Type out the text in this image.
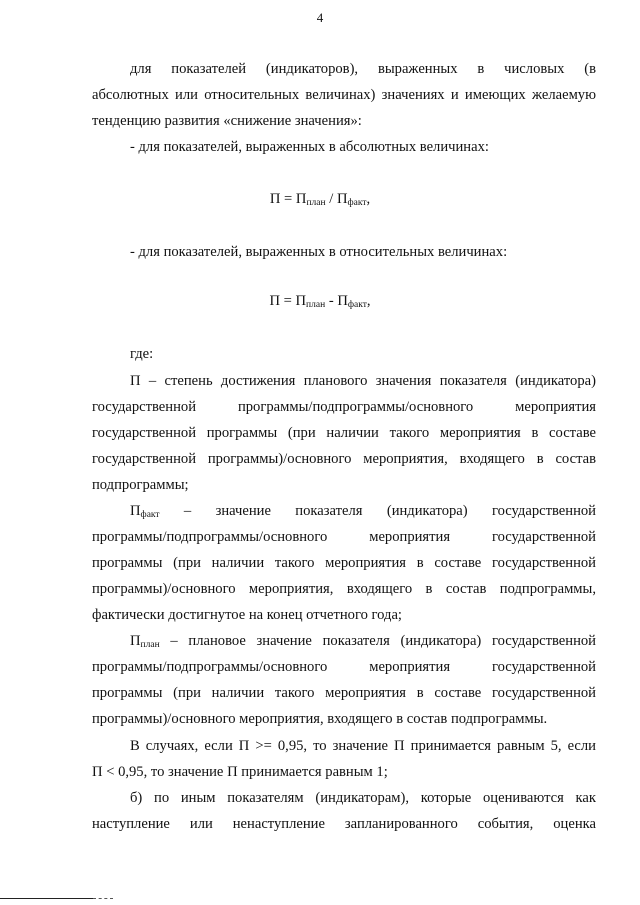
4
для показателей (индикаторов), выраженных в числовых (в
абсолютных или относительных величинах) значениях и имеющих желаемую
тенденцию развития «снижение значения»:
- для показателей, выраженных в абсолютных величинах:
$П = П_{план} / П_{факт}$,
- для показателей, выраженных в относительных величинах:
$П = П_{план} - П_{факт}$,
где:
П – степень достижения планового значения показателя (индикатора)
государственной программы/подпрограммы/основного мероприятия
государственной программы (при наличии такого мероприятия в составе
государственной программы)/основного мероприятия, входящего в состав
подпрограммы;
$П_{факт}$ – значение показателя (индикатора) государственной
программы/подпрограммы/основного мероприятия государственной
программы (при наличии такого мероприятия в составе государственной
программы)/основного мероприятия, входящего в состав подпрограммы,
фактически достигнутое на конец отчетного года;
$П_{план}$ – плановое значение показателя (индикатора) государственной
программы/подпрограммы/основного мероприятия государственной
программы (при наличии такого мероприятия в составе государственной
программы)/основного мероприятия, входящего в состав подпрограммы.
В случаях, если П >= 0,95, то значение П принимается равным 5, если
П < 0,95, то значение П принимается равным 1;
б) по иным показателям (индикаторам), которые оцениваются как
наступление или ненаступление запланированного события, оценка
